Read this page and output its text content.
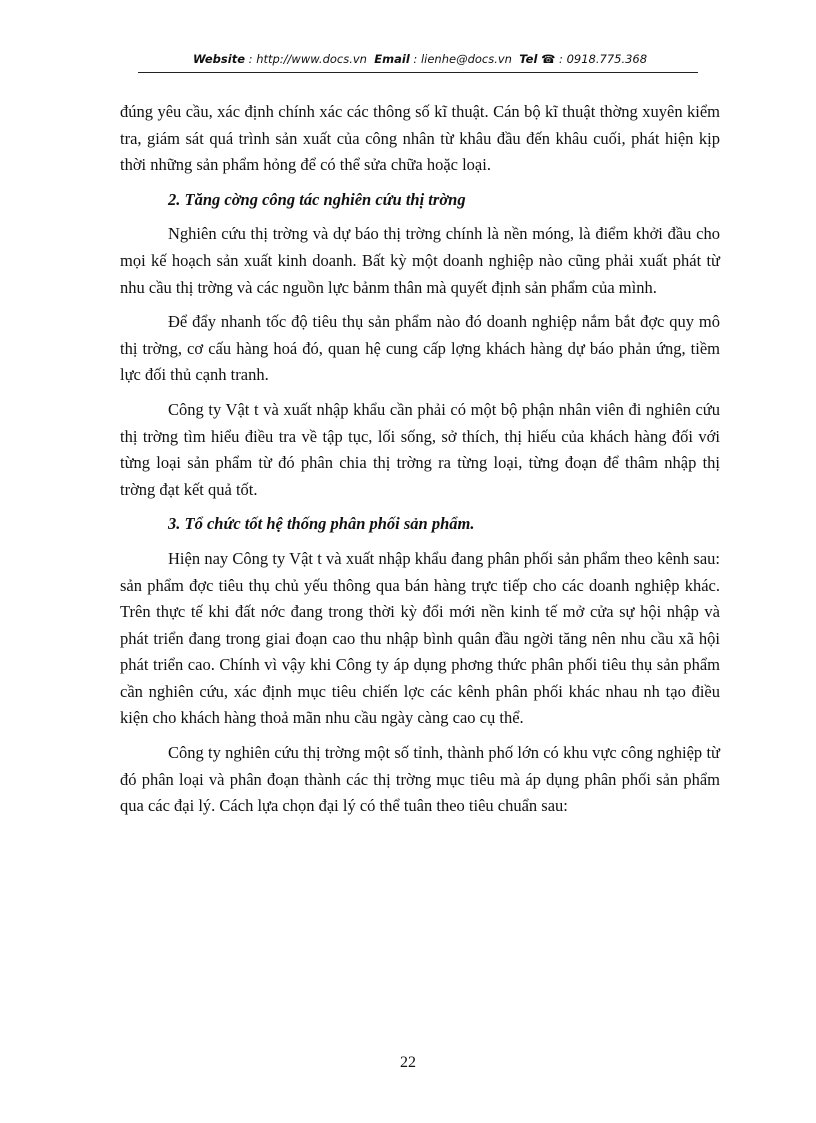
Website : http://www.docs.vn Email : lienhe@docs.vn Tel ☎ : 0918.775.368

đúng yêu cầu, xác định chính xác các thông số kĩ thuật. Cán bộ kĩ thuật thờng xuyên kiểm tra, giám sát quá trình sản xuất của công nhân từ khâu đầu đến khâu cuối, phát hiện kịp thời những sản phẩm hỏng để có thể sửa chữa hoặc loại.

2. Tăng cờng công tác nghiên cứu thị trờng

Nghiên cứu thị trờng và dự báo thị trờng chính là nền móng, là điểm khởi đầu cho mọi kế hoạch sản xuất kinh doanh. Bất kỳ một doanh nghiệp nào cũng phải xuất phát từ nhu cầu thị trờng và các nguồn lực bảnm thân mà quyết định sản phẩm của mình.

Để đẩy nhanh tốc độ tiêu thụ sản phẩm nào đó doanh nghiệp nắm bắt đợc quy mô thị trờng, cơ cấu hàng hoá đó, quan hệ cung cấp lợng khách hàng dự báo phản ứng, tiềm lực đối thủ cạnh tranh.

Công ty Vật t và xuất nhập khẩu cần phải có một bộ phận nhân viên đi nghiên cứu thị trờng tìm hiểu điều tra về tập tục, lối sống, sở thích, thị hiếu của khách hàng đối với từng loại sản phẩm từ đó phân chia thị trờng ra từng loại, từng đoạn để thâm nhập thị trờng đạt kết quả tốt.

3. Tổ chức tốt hệ thống phân phối sản phẩm.

Hiện nay Công ty Vật t và xuất nhập khẩu đang phân phối sản phẩm theo kênh sau: sản phẩm đợc tiêu thụ chủ yếu thông qua bán hàng trực tiếp cho các doanh nghiệp khác. Trên thực tế khi đất nớc đang trong thời kỳ đổi mới nền kinh tế mở cửa sự hội nhập và phát triển đang trong giai đoạn cao thu nhập bình quân đầu ngời tăng nên nhu cầu xã hội phát triển cao. Chính vì vậy khi Công ty áp dụng phơng thức phân phối tiêu thụ sản phẩm cần nghiên cứu, xác định mục tiêu chiến lợc các kênh phân phối khác nhau nh tạo điều kiện cho khách hàng thoả mãn nhu cầu ngày càng cao cụ thể.

Công ty nghiên cứu thị trờng một số tỉnh, thành phố lớn có khu vực công nghiệp từ đó phân loại và phân đoạn thành các thị trờng mục tiêu mà áp dụng phân phối sản phẩm qua các đại lý. Cách lựa chọn đại lý có thể tuân theo tiêu chuẩn sau:

22
